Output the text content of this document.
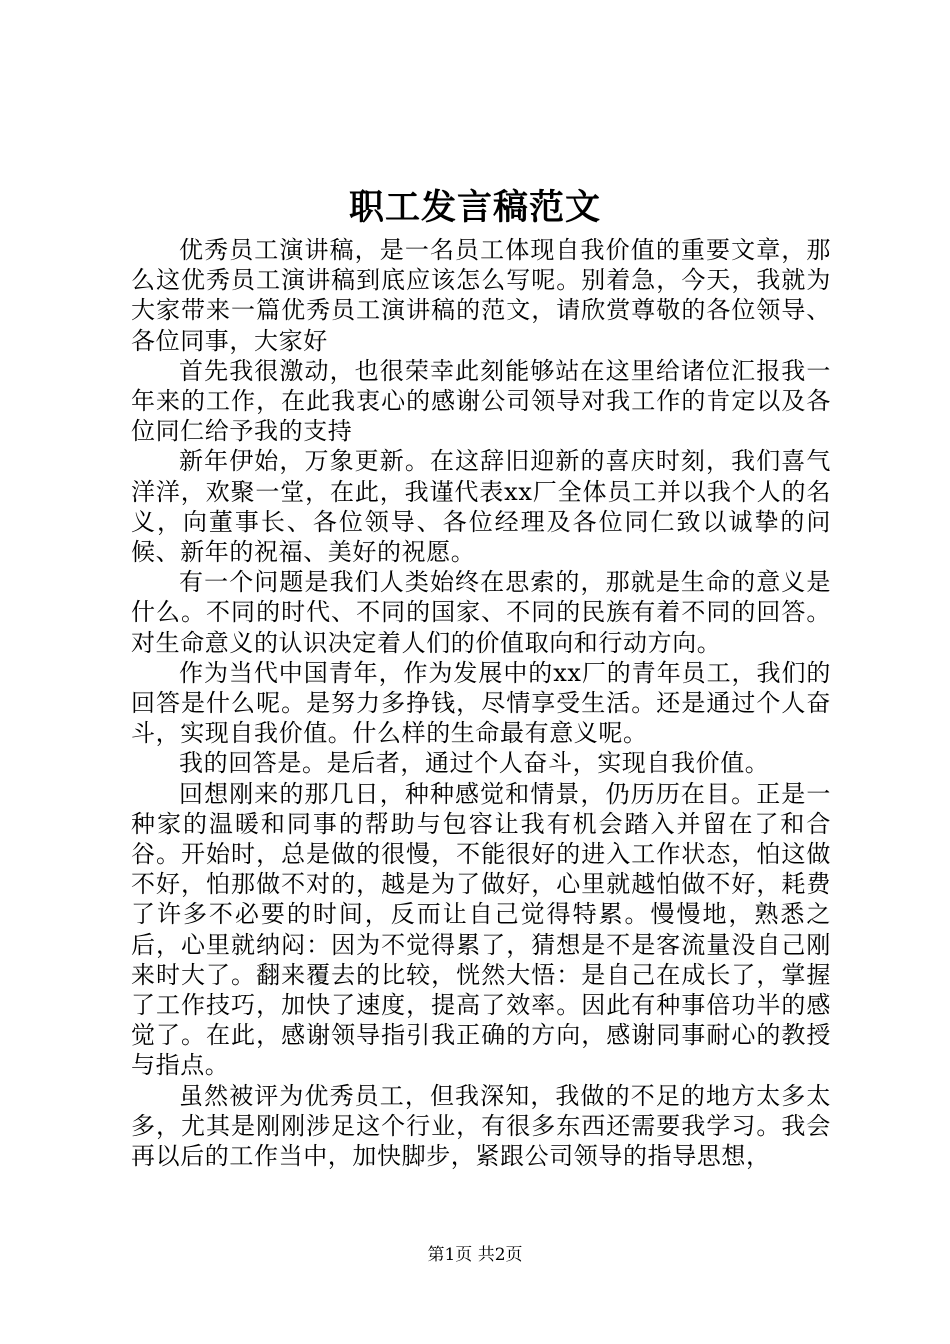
职工发言稿范文

优秀员工演讲稿，是一名员工体现自我价值的重要文章，那么这优秀员工演讲稿到底应该怎么写呢。别着急，今天，我就为大家带来一篇优秀员工演讲稿的范文，请欣赏尊敬的各位领导、各位同事，大家好

首先我很激动，也很荣幸此刻能够站在这里给诸位汇报我一年来的工作，在此我衷心的感谢公司领导对我工作的肯定以及各位同仁给予我的支持

新年伊始，万象更新。在这辞旧迎新的喜庆时刻，我们喜气洋洋，欢聚一堂，在此，我谨代表xx厂全体员工并以我个人的名义，向董事长、各位领导、各位经理及各位同仁致以诚挚的问候、新年的祝福、美好的祝愿。

有一个问题是我们人类始终在思索的，那就是生命的意义是什么。不同的时代、不同的国家、不同的民族有着不同的回答。对生命意义的认识决定着人们的价值取向和行动方向。

作为当代中国青年，作为发展中的xx厂的青年员工，我们的回答是什么呢。是努力多挣钱，尽情享受生活。还是通过个人奋斗，实现自我价值。什么样的生命最有意义呢。

我的回答是。是后者，通过个人奋斗，实现自我价值。

回想刚来的那几日，种种感觉和情景，仍历历在目。正是一种家的温暖和同事的帮助与包容让我有机会踏入并留在了和合谷。开始时，总是做的很慢，不能很好的进入工作状态，怕这做不好，怕那做不对的，越是为了做好，心里就越怕做不好，耗费了许多不必要的时间，反而让自己觉得特累。慢慢地，熟悉之后，心里就纳闷：因为不觉得累了，猜想是不是客流量没自己刚来时大了。翻来覆去的比较，恍然大悟：是自己在成长了，掌握了工作技巧，加快了速度，提高了效率。因此有种事倍功半的感觉了。在此，感谢领导指引我正确的方向，感谢同事耐心的教授与指点。

虽然被评为优秀员工，但我深知，我做的不足的地方太多太多，尤其是刚刚涉足这个行业，有很多东西还需要我学习。我会再以后的工作当中，加快脚步，紧跟公司领导的指导思想，

第1页 共2页
